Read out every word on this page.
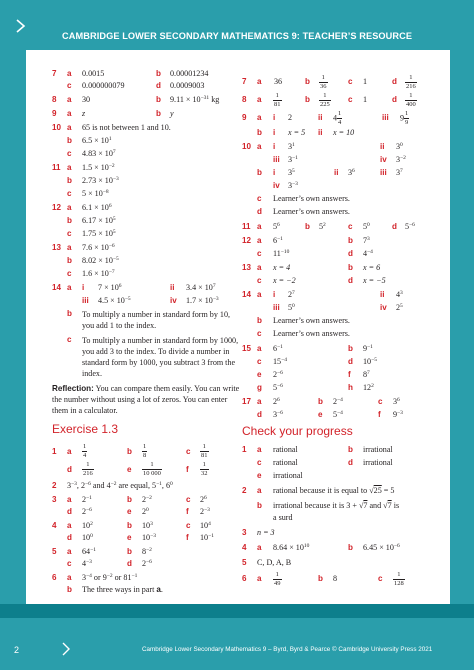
CAMBRIDGE LOWER SECONDARY MATHEMATICS 9: TEACHER’S RESOURCE
7 a 0.0015	b 0.00001234
c 0.000000079	d 0.0009003
8 a 30	b $9.11 \times 10^{-31}$ kg
9 a z	b y
10 a 65 is not between 1 and 10.
b $6.5 \times 10^1$
c $4.83 \times 10^7$
11 a $1.5 \times 10^{-2}$
b $2.73 \times 10^{-3}$
c $5 \times 10^{-8}$
12 a $6.1 \times 10^6$
b $6.17 \times 10^5$
c $1.75 \times 10^5$
13 a $7.6 \times 10^{-6}$
b $8.02 \times 10^{-5}$
c $1.6 \times 10^{-7}$
14 a i $7 \times 10^6$	ii $3.4 \times 10^7$
iii $4.5 \times 10^{-5}$	iv $1.7 \times 10^{-3}$
b To multiply a number in standard form by 10, you add 1 to the index.
c To multiply a number in standard form by 1000, you add 3 to the index. To divide a number in standard form by 1000, you subtract 3 from the index.
Reflection: You can compare them easily. You can write the number without using a lot of zeros. You can enter them in a calculator.
Exercise 1.3
1 a $\frac{1}{4}$	b $\frac{1}{8}$	c $\frac{1}{81}$
d $\frac{1}{216}$	e $\frac{1}{10 000}$	f $\frac{1}{32}$
2 $3^{-3}$, $2^{-6}$ and $4^{-2}$ are equal, $5^{-1}$, $6^0$
3 a $2^{-1}$	b $2^{-2}$	c $2^6$
d $2^{-6}$	e $2^0$	f $2^{-3}$
4 a $10^2$	b $10^3$	c $10^4$
d $10^0$	e $10^{-3}$	f $10^{-1}$
5 a $64^{-1}$	b $8^{-2}$
c $4^{-3}$	d $2^{-6}$
6 a $3^{-4}$ or $9^{-2}$ or $81^{-1}$
b The three ways in part a.
7 a 36	b $\frac{1}{36}$	c 1	d $\frac{1}{216}$
8 a $\frac{1}{81}$	b $\frac{1}{225}$ c 1	d $\frac{1}{400}$
9 a i 2	ii $4 \frac{1}{4}$	iii $9 \frac{1}{9}$
b i x = 5 ii x = 10
10 a i $3^1$	ii $3^0$
iii $3^{-1}$	iv $3^{-2}$
b i $3^5$	ii $3^6$	iii $3^7$
iv $3^{-3}$
c Learner’s own answers.
d Learner’s own answers.
11 a $5^6$	b $5^2$	c $5^0$	d $5^{-6}$
12 a $6^{-1}$	b $7^3$
c $11^{-10}$	d $4^{-4}$
13 a x = 4	b x = 6
c x = −2	d x = −5
14 a i $2^7$	ii $4^3$
iii $5^0$	iv $2^5$
b Learner’s own answers.
c Learner’s own answers.
15 a $6^{-1}$	b $9^{-1}$
c $15^{-4}$	d $10^{-5}$
e $2^{-6}$	f $8^7$
g $5^{-6}$	h $12^2$
17 a $2^6$	b $2^{-4}$	c $3^6$
d $3^{-6}$	e $5^{-4}$	f $9^{-3}$
Check your progress
1 a rational	b irrational
c rational	d irrational
e irrational
2 a rational because it is equal to √25 = 5
b irrational because it is 3 + √7 and √7 is
a surd
3 n = 3
4 a $8.64 \times 10^{10}$	b $6.45 \times 10^{-6}$
5 C, D, A, B
6 a $\frac{1}{49}$	b 8	c $\frac{1}{128}$
2	Cambridge Lower Secondary Mathematics 9 – Byrd, Byrd & Pearce © Cambridge University Press 2021
